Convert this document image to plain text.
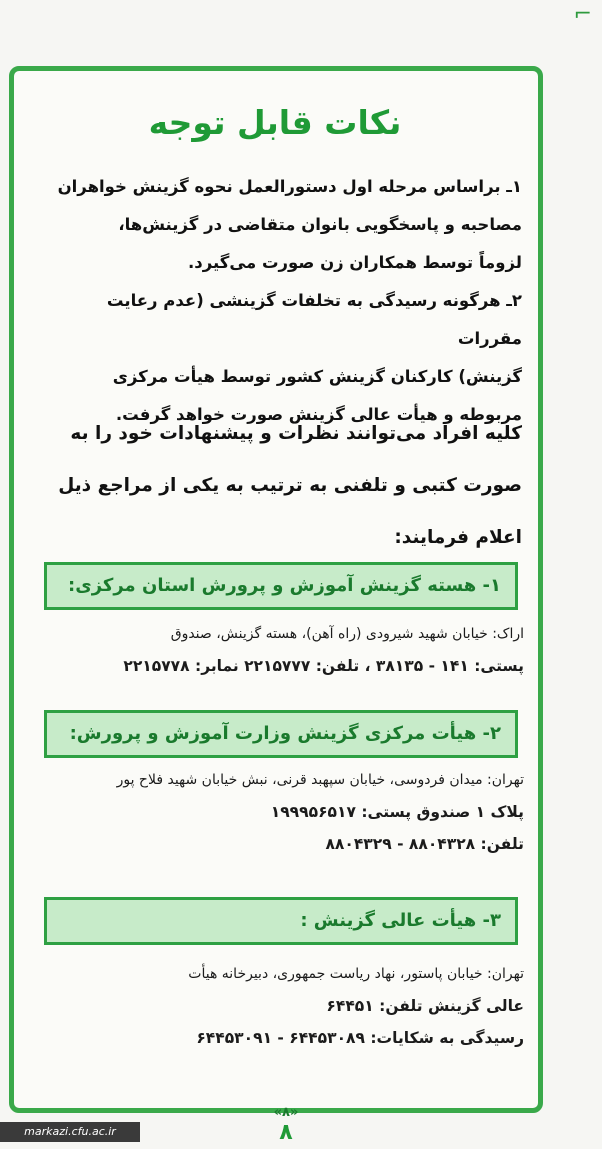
⌐
نکات قابل توجه
۱ـ براساس مرحله اول دستورالعمل نحوه گزینش خواهران
مصاحبه و پاسخگویی بانوان متقاضی در گزینش‌ها،
لزوماً توسط همکاران زن صورت می‌گیرد.
۲ـ هرگونه رسیدگی به تخلفات گزینشی (عدم رعایت مقررات
گزینش) کارکنان گزینش کشور توسط هیأت مرکزی
مربوطه و هیأت عالی گزینش صورت خواهد گرفت.
کلیه افراد می‌توانند نظرات و پیشنهادات خود را به
صورت کتبی و تلفنی به ترتیب به یکی از مراجع ذیل
اعلام فرمایند:
۱- هسته گزینش آموزش و پرورش استان مرکزی:
اراک: خیابان شهید شیرودی (راه آهن)، هسته گزینش، صندوق
پستی: ۱۴۱ - ۳۸۱۳۵ ، تلفن: ۲۲۱۵۷۷۷ نمابر: ۲۲۱۵۷۷۸
۲- هیأت مرکزی گزینش وزارت آموزش و پرورش:
تهران: میدان فردوسی، خیابان سپهبد قرنی، نبش خیابان شهید فلاح پور
پلاک ۱ صندوق پستی: ۱۹۹۹۵۶۵۱۷
تلفن: ۸۸۰۴۳۲۸ - ۸۸۰۴۳۲۹
۳- هیأت عالی گزینش :
تهران: خیابان پاستور، نهاد ریاست جمهوری، دبیرخانه هیأت
عالی گزینش تلفن: ۶۴۴۵۱
رسیدگی به شکایات: ۶۴۴۵۳۰۸۹ - ۶۴۴۵۳۰۹۱
«۸»
۸
markazi.cfu.ac.ir
